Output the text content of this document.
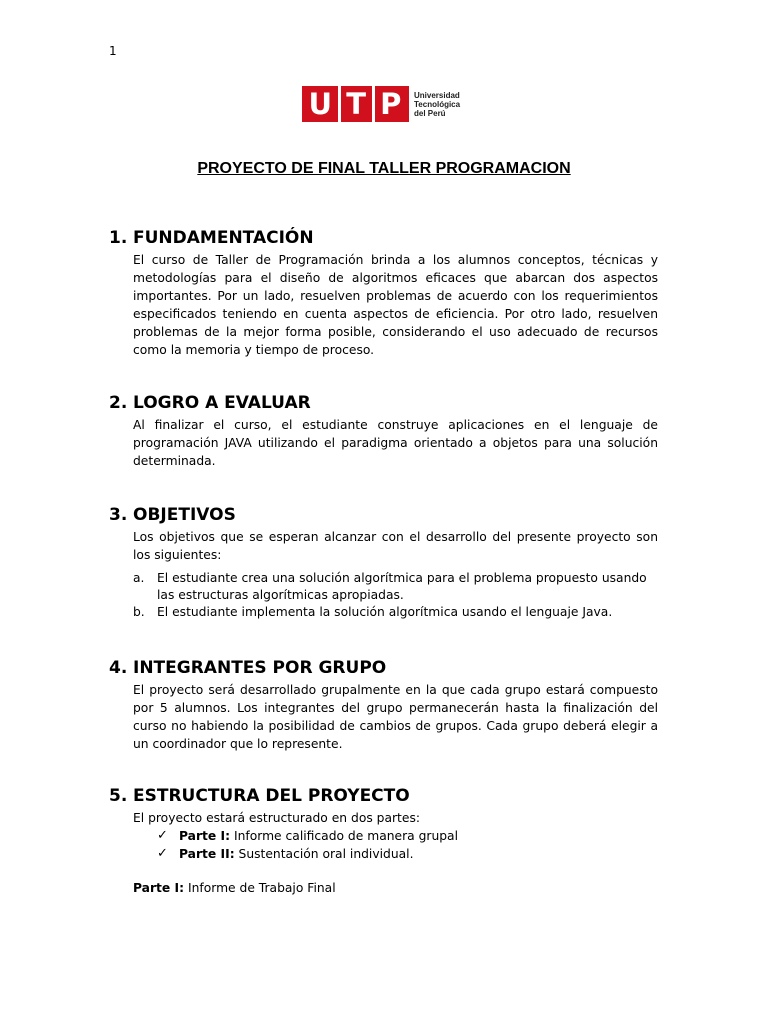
1
U T P Universidad
Tecnológica
del Perú
PROYECTO DE FINAL TALLER PROGRAMACION
1. FUNDAMENTACIÓN

El curso de Taller de Programación brinda a los alumnos conceptos, técnicas y metodologías para el diseño de algoritmos eficaces que abarcan dos aspectos importantes. Por un lado, resuelven problemas de acuerdo con los requerimientos especificados teniendo en cuenta aspectos de eficiencia. Por otro lado, resuelven problemas de la mejor forma posible, considerando el uso adecuado de recursos como la memoria y tiempo de proceso.

2. LOGRO A EVALUAR

Al finalizar el curso, el estudiante construye aplicaciones en el lenguaje de programación JAVA utilizando el paradigma orientado a objetos para una solución determinada.

3. OBJETIVOS

Los objetivos que se esperan alcanzar con el desarrollo del presente proyecto son los siguientes:

a.	El estudiante crea una solución algorítmica para el problema propuesto usando las estructuras algorítmicas apropiadas.
b. El estudiante implementa la solución algorítmica usando el lenguaje Java.
4. INTEGRANTES POR GRUPO

El proyecto será desarrollado grupalmente en la que cada grupo estará compuesto por 5 alumnos. Los integrantes del grupo permanecerán hasta la finalización del curso no habiendo la posibilidad de cambios de grupos. Cada grupo deberá elegir a un coordinador que lo represente.

5. ESTRUCTURA DEL PROYECTO

El proyecto estará estructurado en dos partes:

✓ Parte I: Informe calificado de manera grupal
✓ Parte II: Sustentación oral individual.
Parte I: Informe de Trabajo Final
